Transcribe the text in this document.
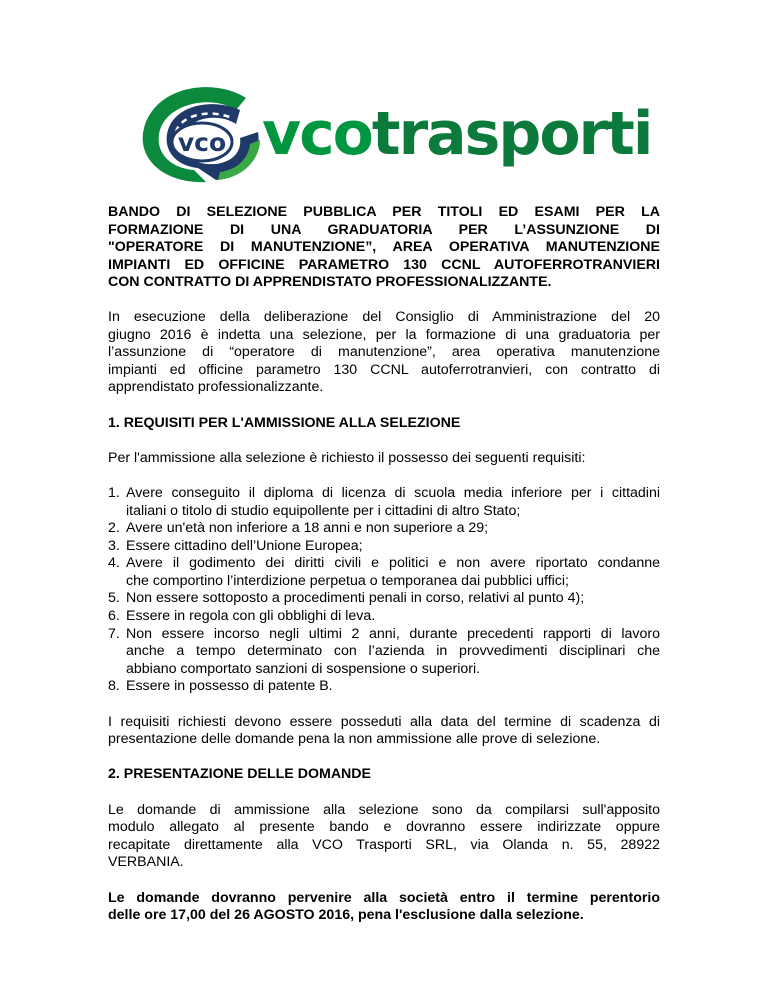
vco vcotrasporti
BANDO DI SELEZIONE PUBBLICA PER TITOLI ED ESAMI PER LA
FORMAZIONE DI UNA GRADUATORIA PER L’ASSUNZIONE DI
"OPERATORE DI MANUTENZIONE”, AREA OPERATIVA MANUTENZIONE
IMPIANTI ED OFFICINE PARAMETRO 130 CCNL AUTOFERROTRANVIERI
CON CONTRATTO DI APPRENDISTATO PROFESSIONALIZZANTE.

In esecuzione della deliberazione del Consiglio di Amministrazione del 20
giugno 2016 è indetta una selezione, per la formazione di una graduatoria per
l’assunzione di “operatore di manutenzione”, area operativa manutenzione
impianti ed officine parametro 130 CCNL autoferrotranvieri, con contratto di
apprendistato professionalizzante.

1. REQUISITI PER L'AMMISSIONE ALLA SELEZIONE

Per l'ammissione alla selezione è richiesto il possesso dei seguenti requisiti:

1. Avere conseguito il diploma di licenza di scuola media inferiore per i cittadini
italiani o titolo di studio equipollente per i cittadini di altro Stato;
2. Avere un'età non inferiore a 18 anni e non superiore a 29;
3. Essere cittadino dell’Unione Europea;
4. Avere il godimento dei diritti civili e politici e non avere riportato condanne
che comportino l’interdizione perpetua o temporanea dai pubblici uffici;
5. Non essere sottoposto a procedimenti penali in corso, relativi al punto 4);
6. Essere in regola con gli obblighi di leva.
7. Non essere incorso negli ultimi 2 anni, durante precedenti rapporti di lavoro
anche a tempo determinato con l’azienda in provvedimenti disciplinari che
abbiano comportato sanzioni di sospensione o superiori.
8. Essere in possesso di patente B.

I requisiti richiesti devono essere posseduti alla data del termine di scadenza di
presentazione delle domande pena la non ammissione alle prove di selezione.

2. PRESENTAZIONE DELLE DOMANDE

Le domande di ammissione alla selezione sono da compilarsi sull'apposito
modulo allegato al presente bando e dovranno essere indirizzate oppure
recapitate direttamente alla VCO Trasporti SRL, via Olanda n. 55, 28922
VERBANIA.

Le domande dovranno pervenire alla società entro il termine perentorio
delle ore 17,00 del 26 AGOSTO 2016, pena l'esclusione dalla selezione.
